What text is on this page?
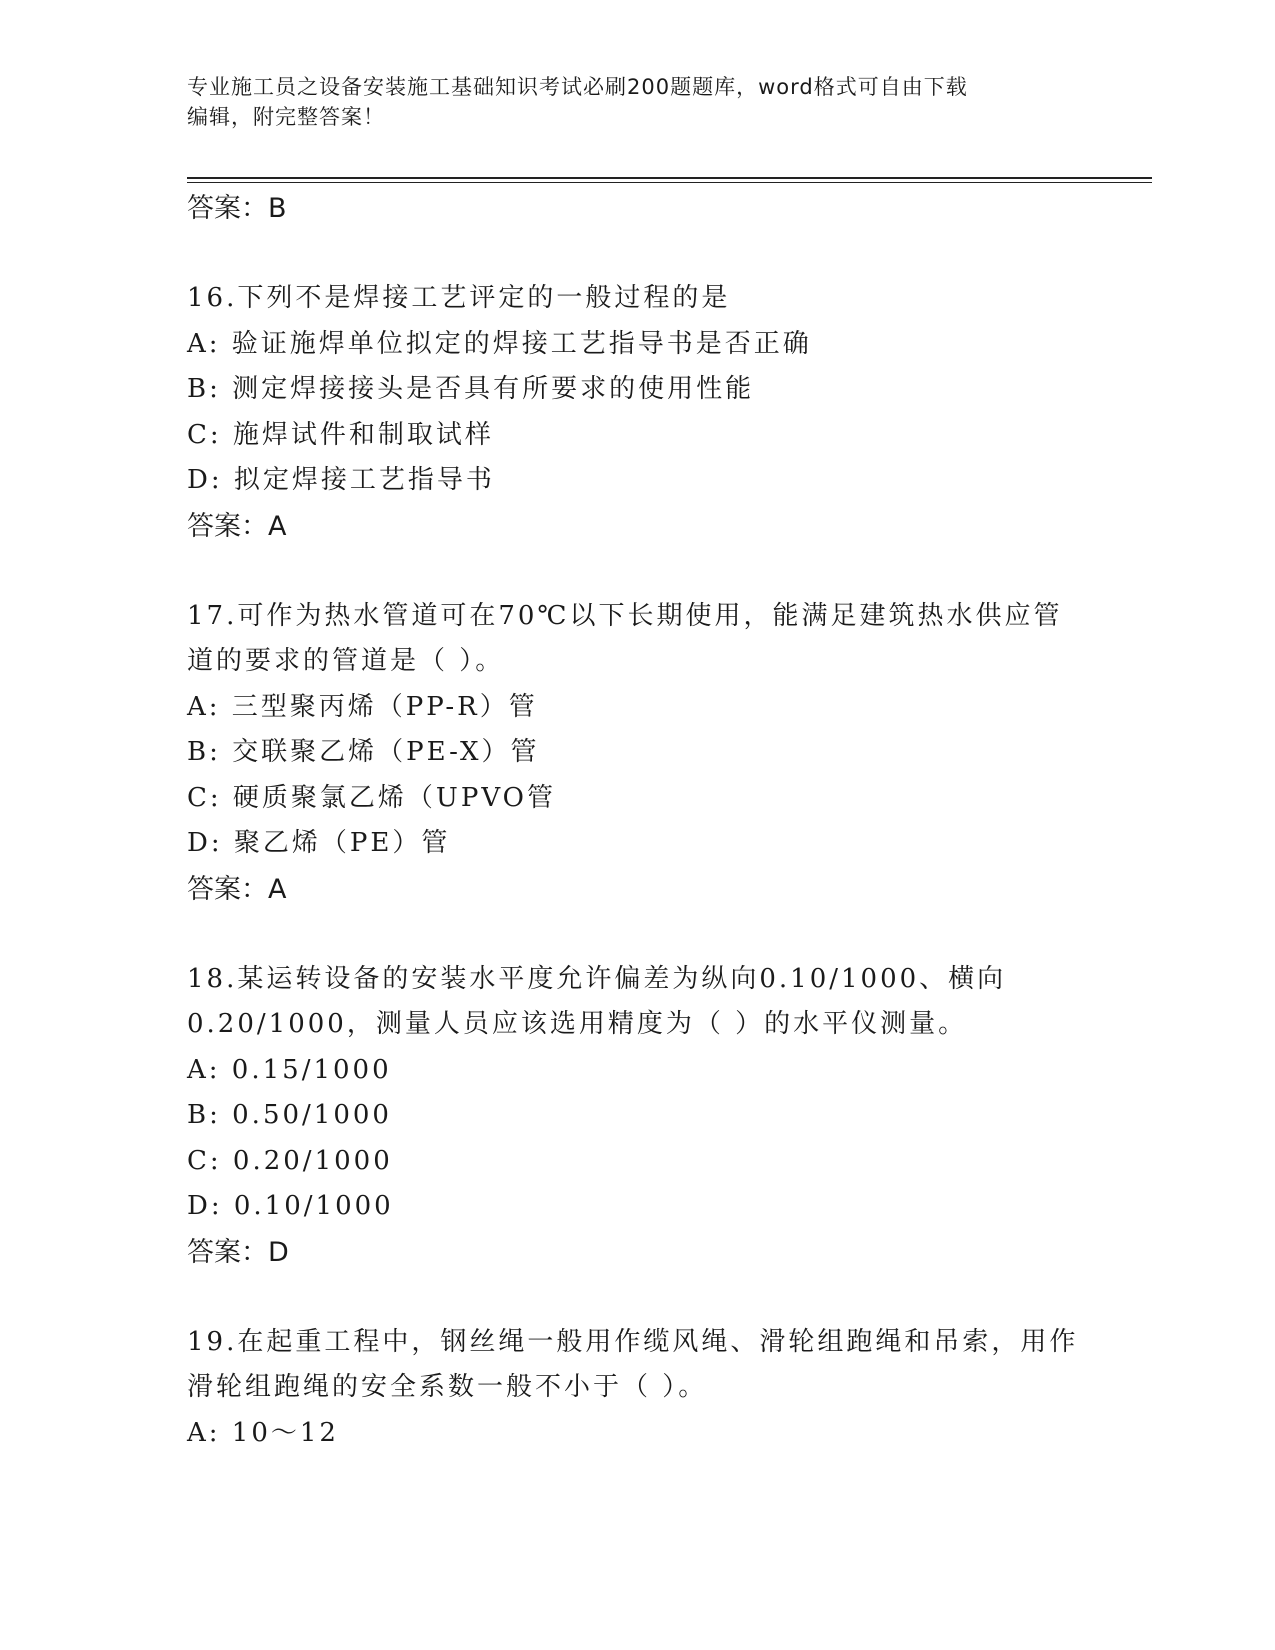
专业施工员之设备安装施工基础知识考试必刷200题题库，word格式可自由下载
编辑，附完整答案！
答案：B
16.下列不是焊接工艺评定的一般过程的是
A: 验证施焊单位拟定的焊接工艺指导书是否正确
B: 测定焊接接头是否具有所要求的使用性能
C: 施焊试件和制取试样
D: 拟定焊接工艺指导书
答案：A
17.可作为热水管道可在70℃以下长期使用，能满足建筑热水供应管道的要求的管道是（ ）。
A: 三型聚丙烯（PP-R）管
B: 交联聚乙烯（PE-X）管
C: 硬质聚氯乙烯（UPVO管
D: 聚乙烯（PE）管
答案：A
18.某运转设备的安装水平度允许偏差为纵向0.10/1000、横向0.20/1000，测量人员应该选用精度为（ ）的水平仪测量。
A: 0.15/1000
B: 0.50/1000
C: 0.20/1000
D: 0.10/1000
答案：D
19.在起重工程中，钢丝绳一般用作缆风绳、滑轮组跑绳和吊索，用作滑轮组跑绳的安全系数一般不小于（ ）。
A: 10～12
